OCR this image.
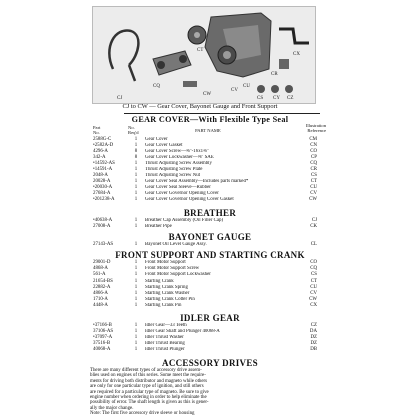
CJ
CQ
CW
CV
CT
CU
CX
CR
CS CY CZ
CJ to CW — Gear Cover, Bayonet Gauge and Front Support
GEAR COVER—With Flexible Type Seal
Part
No.
No.
Req'd	PART NAME
Illustration
Reference
2588G-C	1	Gear Cover	CM
•2582A-D	1	Gear Cover Gasket	CN
4296-A	8	Gear Cover Screw—⅝"-16x1⅜"	CO
342-A	8	Gear Cover Lockwasher—⅝" SAE	CP
•14592-AS	1	Thrust Adjusting Screw Assembly	CQ
•14591-A	1	Thrust Adjusting Screw Plate	CR
2048-A	1	Thrust Adjusting Screw Nut	CS
20028-A	1	Gear Cover Seal Assembly—Includes parts marked*	CT
•20030-A	1	Gear Cover Seal Sleeve—Rubber	CU
27684-A	1	Gear Cover Governor Opening Cover	CV
•201238-A	1	Gear Cover Governor Opening Cover Gasket	CW
BREATHER
•40638-A	1	Breather Cap Assembly (Oil Filler Cap)	CJ
27008-A	1	Breather Pipe	CK
BAYONET GAUGE
27143-AS	1	Bayonet Oil Level Gauge Assy.	CL
FRONT SUPPORT AND STARTING CRANK
29001-D	1	Front Motor Support	CO
4868-A	1	Front Motor Support Screw	CQ
561-A	1	Front Motor Support Lockwasher	CS
21654-BS	1	Starting Crank	CT
22882-A	1	Starting Crank Spring	CU
4866-A	1	Starting Crank Washer	CV
1710-A	1	Starting Crank Cotter Pin	CW
4448-A	1	Starting Crank Pin	CX
IDLER GEAR
•37166-B	1	Idler Gear—33 Teeth	CZ
37106-AS	1	Idler Gear Shaft and Plunger 40068-A	DA
•37097-A	1	Idler Thrust Washer	DZ
37516-B	1	Idler Thrust Bearing	DZ
40068-A	1	Idler Thrust Plunger	DB
ACCESSORY DRIVES
There are many different types of accessory drive assem-
blies used on engines of this series. Some meet the require-
ments for driving both distributor and magneto while others
are only for one particular type of ignition, and still others
are required for a particular type of magneto. Be sure to give
engine number when ordering in order to help eliminate the
possibility of error. The shaft length is given as this is gener-
ally the major change.
Note: The first five accessory drive sleeve or housing
